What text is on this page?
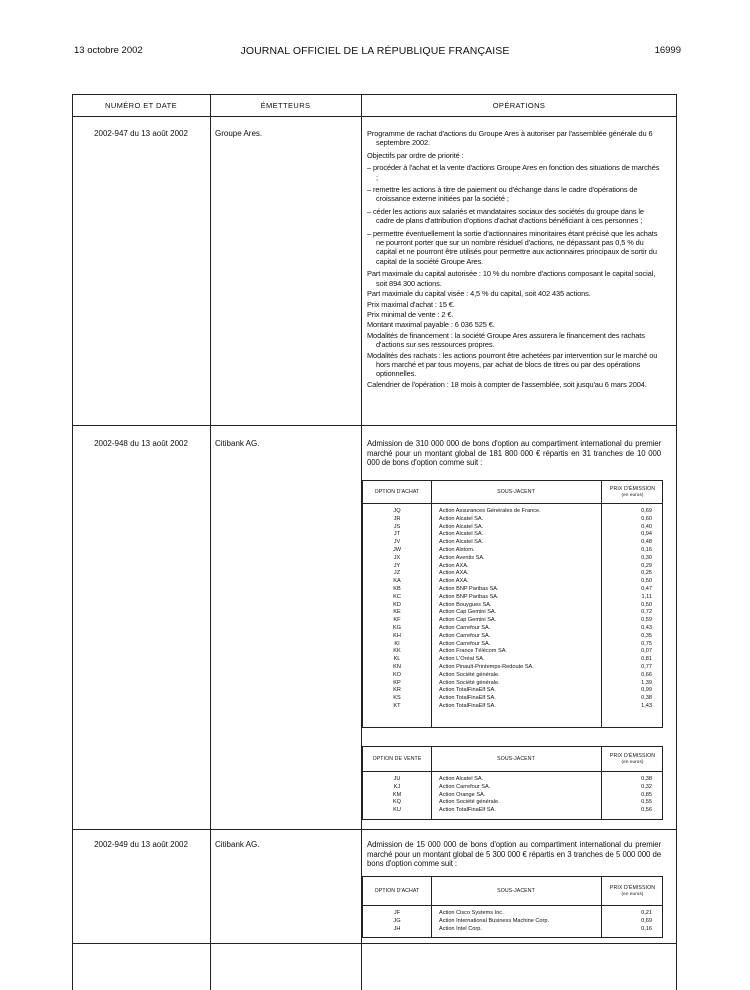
13 octobre 2002	JOURNAL OFFICIEL DE LA RÉPUBLIQUE FRANÇAISE	16999
NUMÉRO ET DATE	ÉMETTEURS	OPÉRATIONS
2002-947 du 13 août 2002	Groupe Ares.	Programme de rachat d'actions du Groupe Ares à autoriser par l'assemblée générale du 6 septembre 2002.

Objectifs par ordre de priorité :

– procéder à l'achat et la vente d'actions Groupe Ares en fonction des situations de marchés ;

– remettre les actions à titre de paiement ou d'échange dans le cadre d'opérations de croissance externe initiées par la société ;

– céder les actions aux salariés et mandataires sociaux des sociétés du groupe dans le cadre de plans d'attribution d'options d'achat d'actions bénéficiant à ces personnes ;

– permettre éventuellement la sortie d'actionnaires minoritaires étant précisé que les achats ne pourront porter que sur un nombre résiduel d'actions, ne dépassant pas 0,5 % du capital et ne pourront être utilisés pour permettre aux actionnaires principaux de sortir du capital de la société Groupe Ares.

Part maximale du capital autorisée : 10 % du nombre d'actions composant le capital social, soit 894 300 actions.

Part maximale du capital visée : 4,5 % du capital, soit 402 435 actions.

Prix maximal d'achat : 15 €.

Prix minimal de vente : 2 €.

Montant maximal payable : 6 036 525 €.

Modalités de financement : la société Groupe Ares assurera le financement des rachats d'actions sur ses ressources propres.

Modalités des rachats : les actions pourront être achetées par intervention sur le marché ou hors marché et par tous moyens, par achat de blocs de titres ou par des opérations optionnelles.

Calendrier de l'opération : 18 mois à compter de l'assemblée, soit jusqu'au 6 mars 2004.

2002-948 du 13 août 2002	Citibank AG.	Admission de 310 000 000 de bons d'option au compartiment international du premier marché pour un montant global de 181 800 000 € répartis en 31 tranches de 10 000 000 de bons d'option comme suit :
OPTION D'ACHAT	SOUS-JACENT	PRIX D'ÉMISSION
(en euros)
JQ	Action Assurances Générales de France.	0,69
JR	Action Alcatel SA.	0,60
JS	Action Alcatel SA.	0,40
JT	Action Alcatel SA.	0,94
JV	Action Alcatel SA.	0,48
JW	Action Alstom.	0,16
JX	Action Aventis SA.	0,30
JY	Action AXA.	0,29
JZ	Action AXA.	0,25
KA	Action AXA.	0,50
KB	Action BNP Paribas SA.	0,47
KC	Action BNP Paribas SA.	1,11
KD	Action Bouygues SA.	0,50
KE	Action Cap Gemini SA.	0,72
KF	Action Cap Gemini SA.	0,59
KG	Action Carrefour SA.	0,43
KH	Action Carrefour SA.	0,35
KI	Action Carrefour SA.	0,75
KK	Action France Télécom SA.	0,07
KL	Action L'Oréal SA.	0,81
KN	Action Pinault-Printemps-Redoute SA.	0,77
KO	Action Société générale.	0,66
KP	Action Société générale.	1,39
KR	Action TotalFinaElf SA.	0,99
KS	Action TotalFinaElf SA.	0,38
KT	Action TotalFinaElf SA.	1,43
OPTION DE VENTE	SOUS-JACENT	PRIX D'ÉMISSION
(en euros)
JU	Action Alcatel SA.	0,38
KJ	Action Carrefour SA.	0,32
KM	Action Orange SA.	0,85
KQ	Action Société générale.	0,55
KU	Action TotalFinaElf SA.	0,56
2002-949 du 13 août 2002	Citibank AG.	Admission de 15 000 000 de bons d'option au compartiment international du premier marché pour un montant global de 5 300 000 € répartis en 3 tranches de 5 000 000 de bons d'option comme suit :
OPTION D'ACHAT	SOUS-JACENT	PRIX D'ÉMISSION
(en euros)
JF	Action Cisco Systems Inc.	0,21
JG	Action International Business Machine Corp.	0,69
JH	Action Intel Corp.	0,16
